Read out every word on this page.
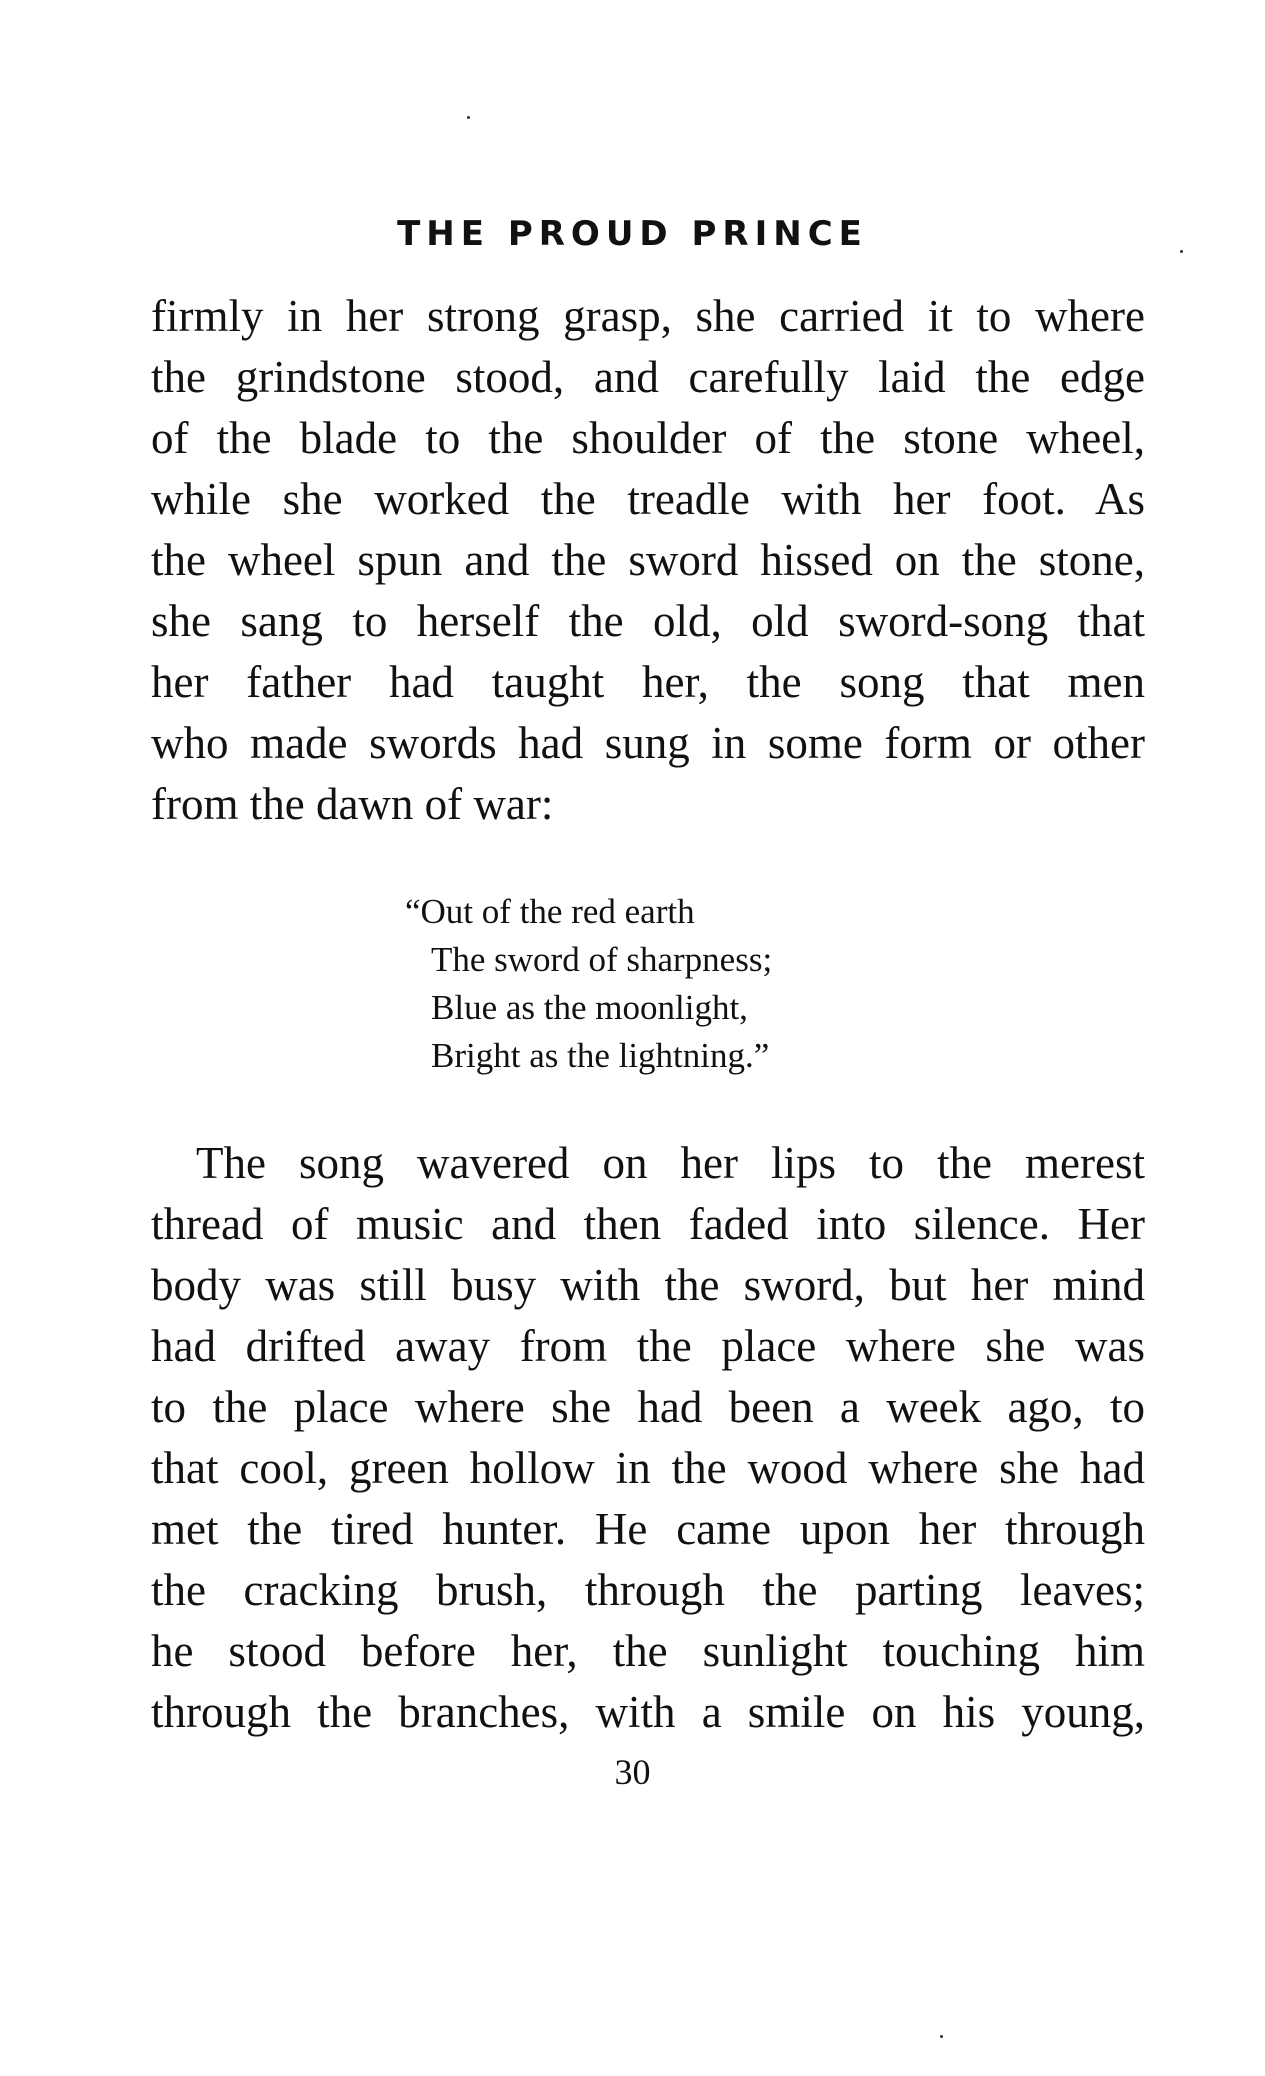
THE PROUD PRINCE
firmly in her strong grasp, she carried it to where
the grindstone stood, and carefully laid the edge
of the blade to the shoulder of the stone wheel,
while she worked the treadle with her foot. As
the wheel spun and the sword hissed on the stone,
she sang to herself the old, old sword-song that
her father had taught her, the song that men
who made swords had sung in some form or other
from the dawn of war:
“Out of the red earth
The sword of sharpness;
Blue as the moonlight,
Bright as the lightning.”
The song wavered on her lips to the merest
thread of music and then faded into silence. Her
body was still busy with the sword, but her mind
had drifted away from the place where she was
to the place where she had been a week ago, to
that cool, green hollow in the wood where she had
met the tired hunter. He came upon her through
the cracking brush, through the parting leaves;
he stood before her, the sunlight touching him
through the branches, with a smile on his young,
30
